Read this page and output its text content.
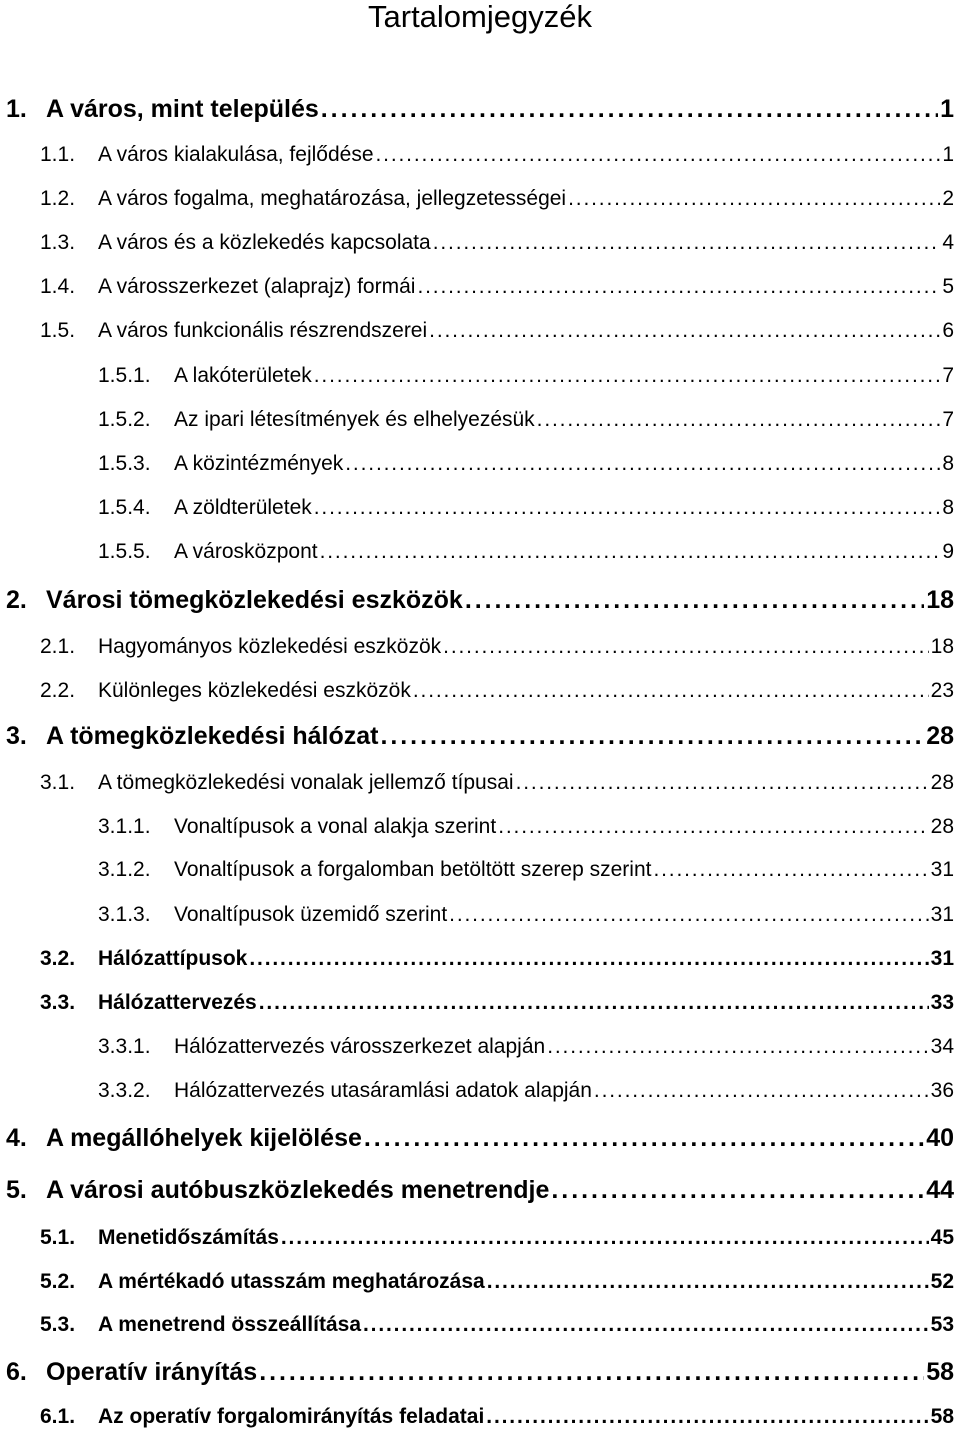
Tartalomjegyzék
1. A város, mint település . . .	1
1.1.	A város kialakulása, fejlődése . . .	1
1.2.	A város fogalma, meghatározása, jellegzetességei . . .	2
1.3.	A város és a közlekedés kapcsolata . . .	4
1.4.	A városszerkezet (alaprajz) formái . . .	5
1.5.	A város funkcionális részrendszerei . . .	6
1.5.1.	A lakóterületek . . .	7
1.5.2.	Az ipari létesítmények és elhelyezésük . . .	7
1.5.3.	A közintézmények . . .	8
1.5.4.	A zöldterületek . . .	8
1.5.5.	A városközpont . . .	9
2. Városi tömegközlekedési eszközök . . .	18
2.1.	Hagyományos közlekedési eszközök . . .	18
2.2.	Különleges közlekedési eszközök . . .	23
3. A tömegközlekedési hálózat . . .	28
3.1.	A tömegközlekedési vonalak jellemző típusai . . .	28
3.1.1.	Vonaltípusok a vonal alakja szerint . . .	28
3.1.2.	Vonaltípusok a forgalomban betöltött szerep szerint . . .	31
3.1.3.	Vonaltípusok üzemidő szerint . . .	31
3.2.	Hálózattípusok . . .	31
3.3.	Hálózattervezés . . .	33
3.3.1.	Hálózattervezés városszerkezet alapján . . .	34
3.3.2.	Hálózattervezés utasáramlási adatok alapján . . .	36
4. A megállóhelyek kijelölése . . .	40
5. A városi autóbuszközlekedés menetrendje . . .	44
5.1.	Menetidőszámítás . . .	45
5.2.	A mértékadó utasszám meghatározása . . .	52
5.3.	A menetrend összeállítása . . .	53
6. Operatív irányítás . . .	58
6.1.	Az operatív forgalomirányítás feladatai . . .	58
